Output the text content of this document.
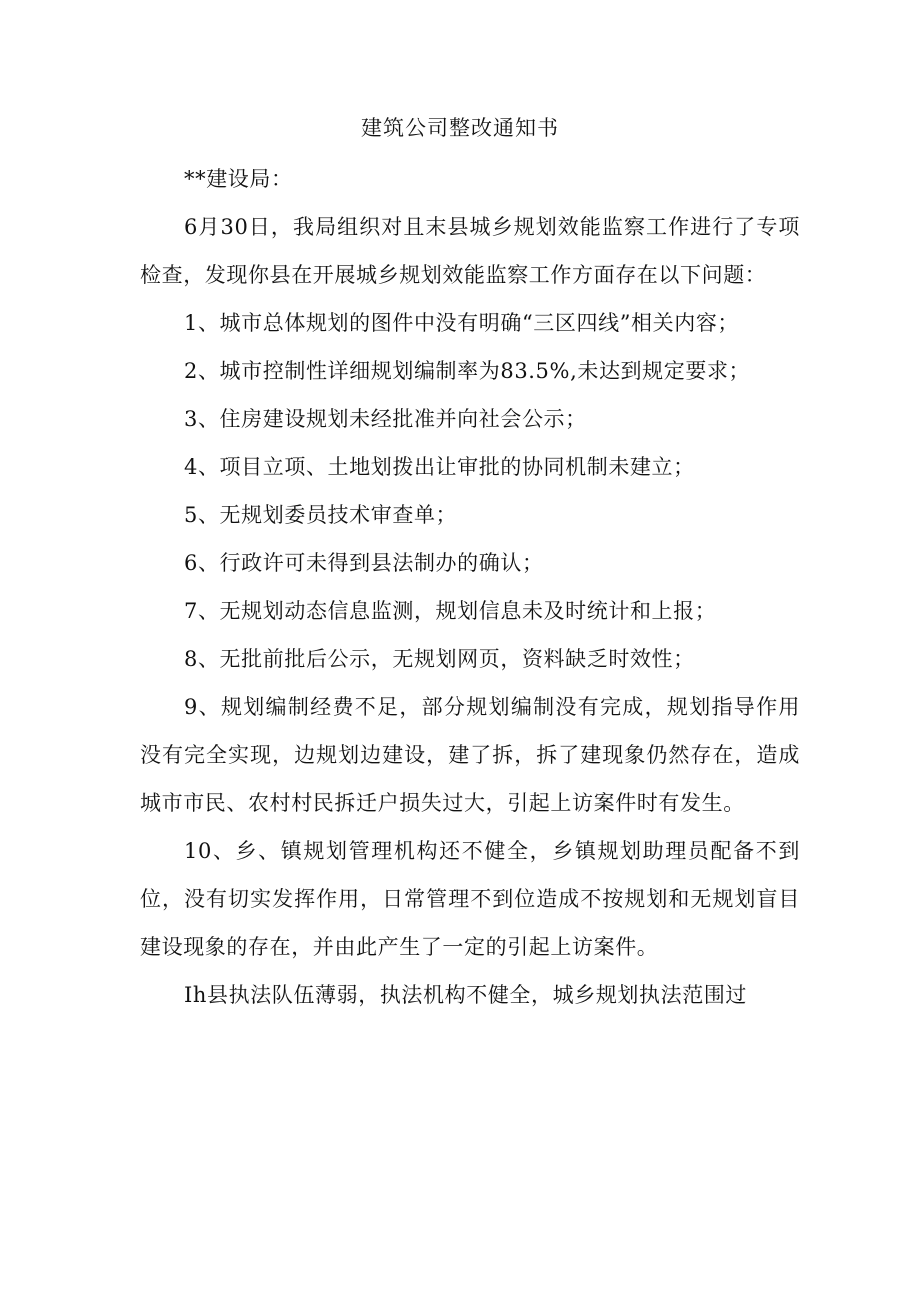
建筑公司整改通知书

**建设局：

6月30日，我局组织对且末县城乡规划效能监察工作进行了专项检查，发现你县在开展城乡规划效能监察工作方面存在以下问题：

1、城市总体规划的图件中没有明确“三区四线”相关内容；

2、城市控制性详细规划编制率为83.5%,未达到规定要求；

3、住房建设规划未经批准并向社会公示；

4、项目立项、土地划拨出让审批的协同机制未建立；

5、无规划委员技术审查单；

6、行政许可未得到县法制办的确认；

7、无规划动态信息监测，规划信息未及时统计和上报；

8、无批前批后公示，无规划网页，资料缺乏时效性；

9、规划编制经费不足，部分规划编制没有完成，规划指导作用没有完全实现，边规划边建设，建了拆，拆了建现象仍然存在，造成城市市民、农村村民拆迁户损失过大，引起上访案件时有发生。

10、乡、镇规划管理机构还不健全，乡镇规划助理员配备不到位，没有切实发挥作用，日常管理不到位造成不按规划和无规划盲目建设现象的存在，并由此产生了一定的引起上访案件。

Ih县执法队伍薄弱，执法机构不健全，城乡规划执法范围过
